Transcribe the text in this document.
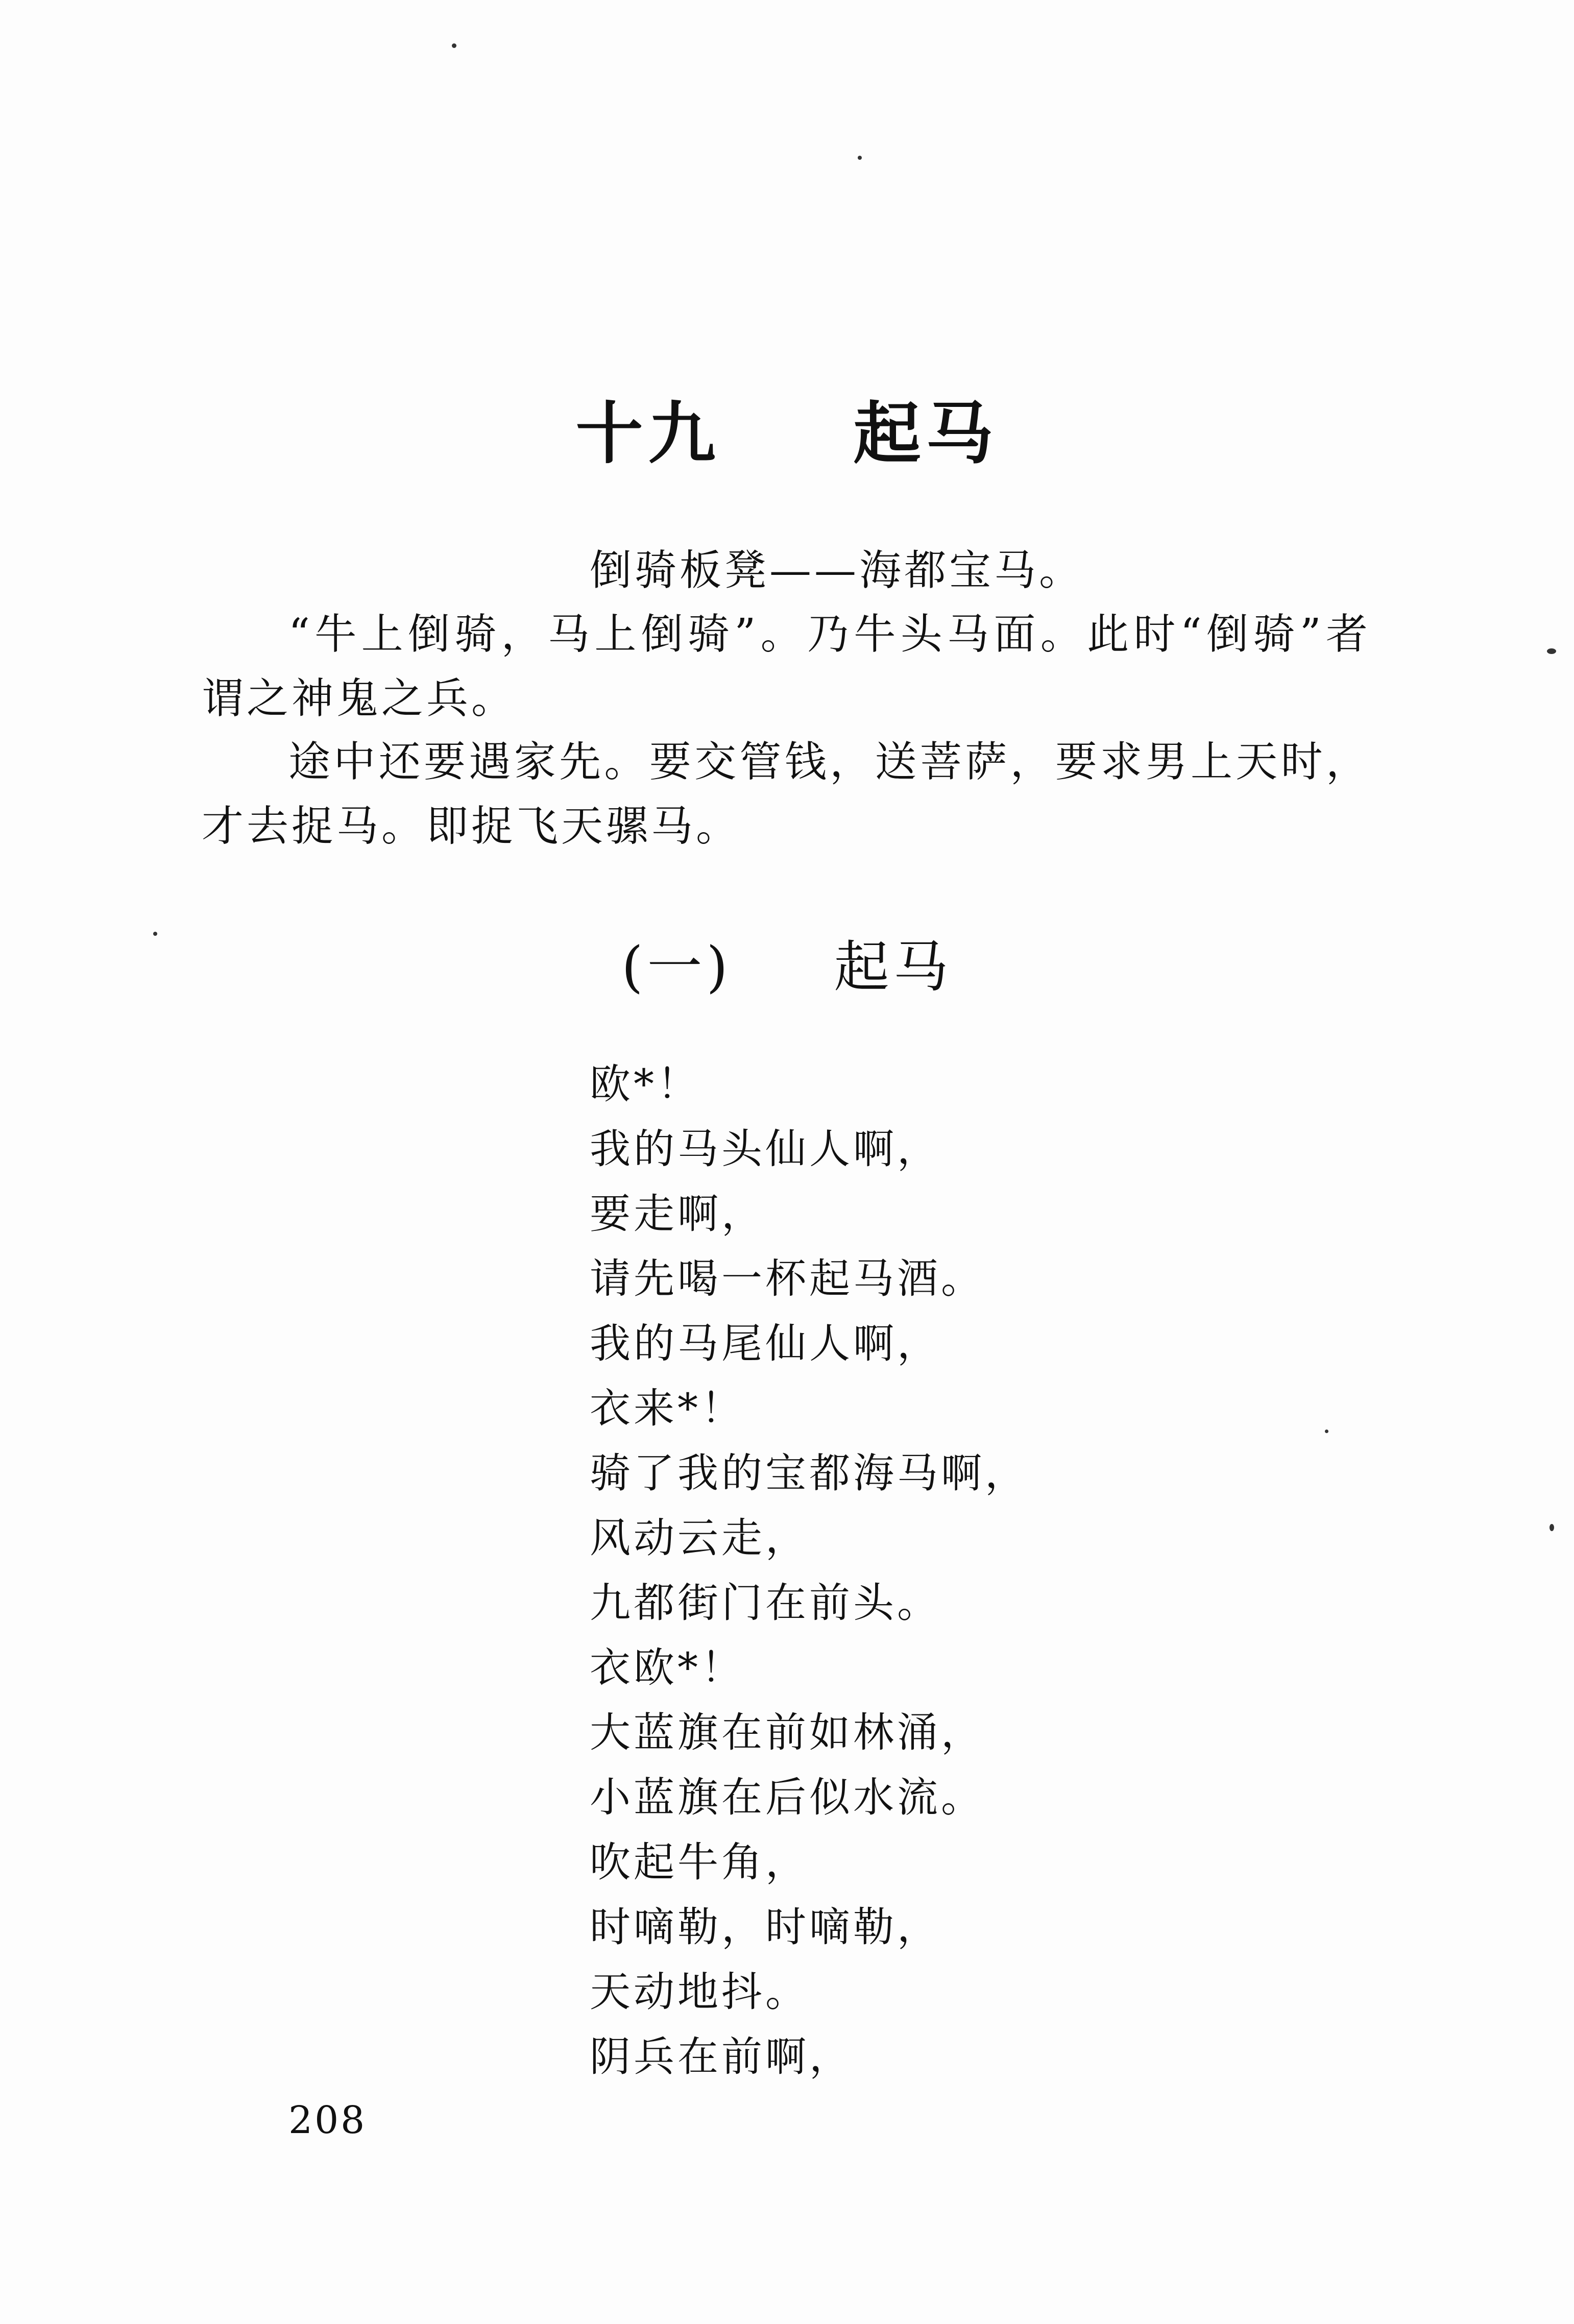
十九 起马

倒骑板凳——海都宝马。

“牛上倒骑，马上倒骑”。乃牛头马面。此时“倒骑”者谓之神鬼之兵。

途中还要遇家先。要交管钱，送菩萨，要求男上天时，才去捉马。即捉飞天骡马。

(一) 起马
欧*！
我的马头仙人啊，
要走啊，
请先喝一杯起马酒。
我的马尾仙人啊，
衣来*！
骑了我的宝都海马啊，
风动云走，
九都街门在前头。
衣欧*！
大蓝旗在前如林涌，
小蓝旗在后似水流。
吹起牛角，
时嘀勒，时嘀勒，
天动地抖。
阴兵在前啊，
208
